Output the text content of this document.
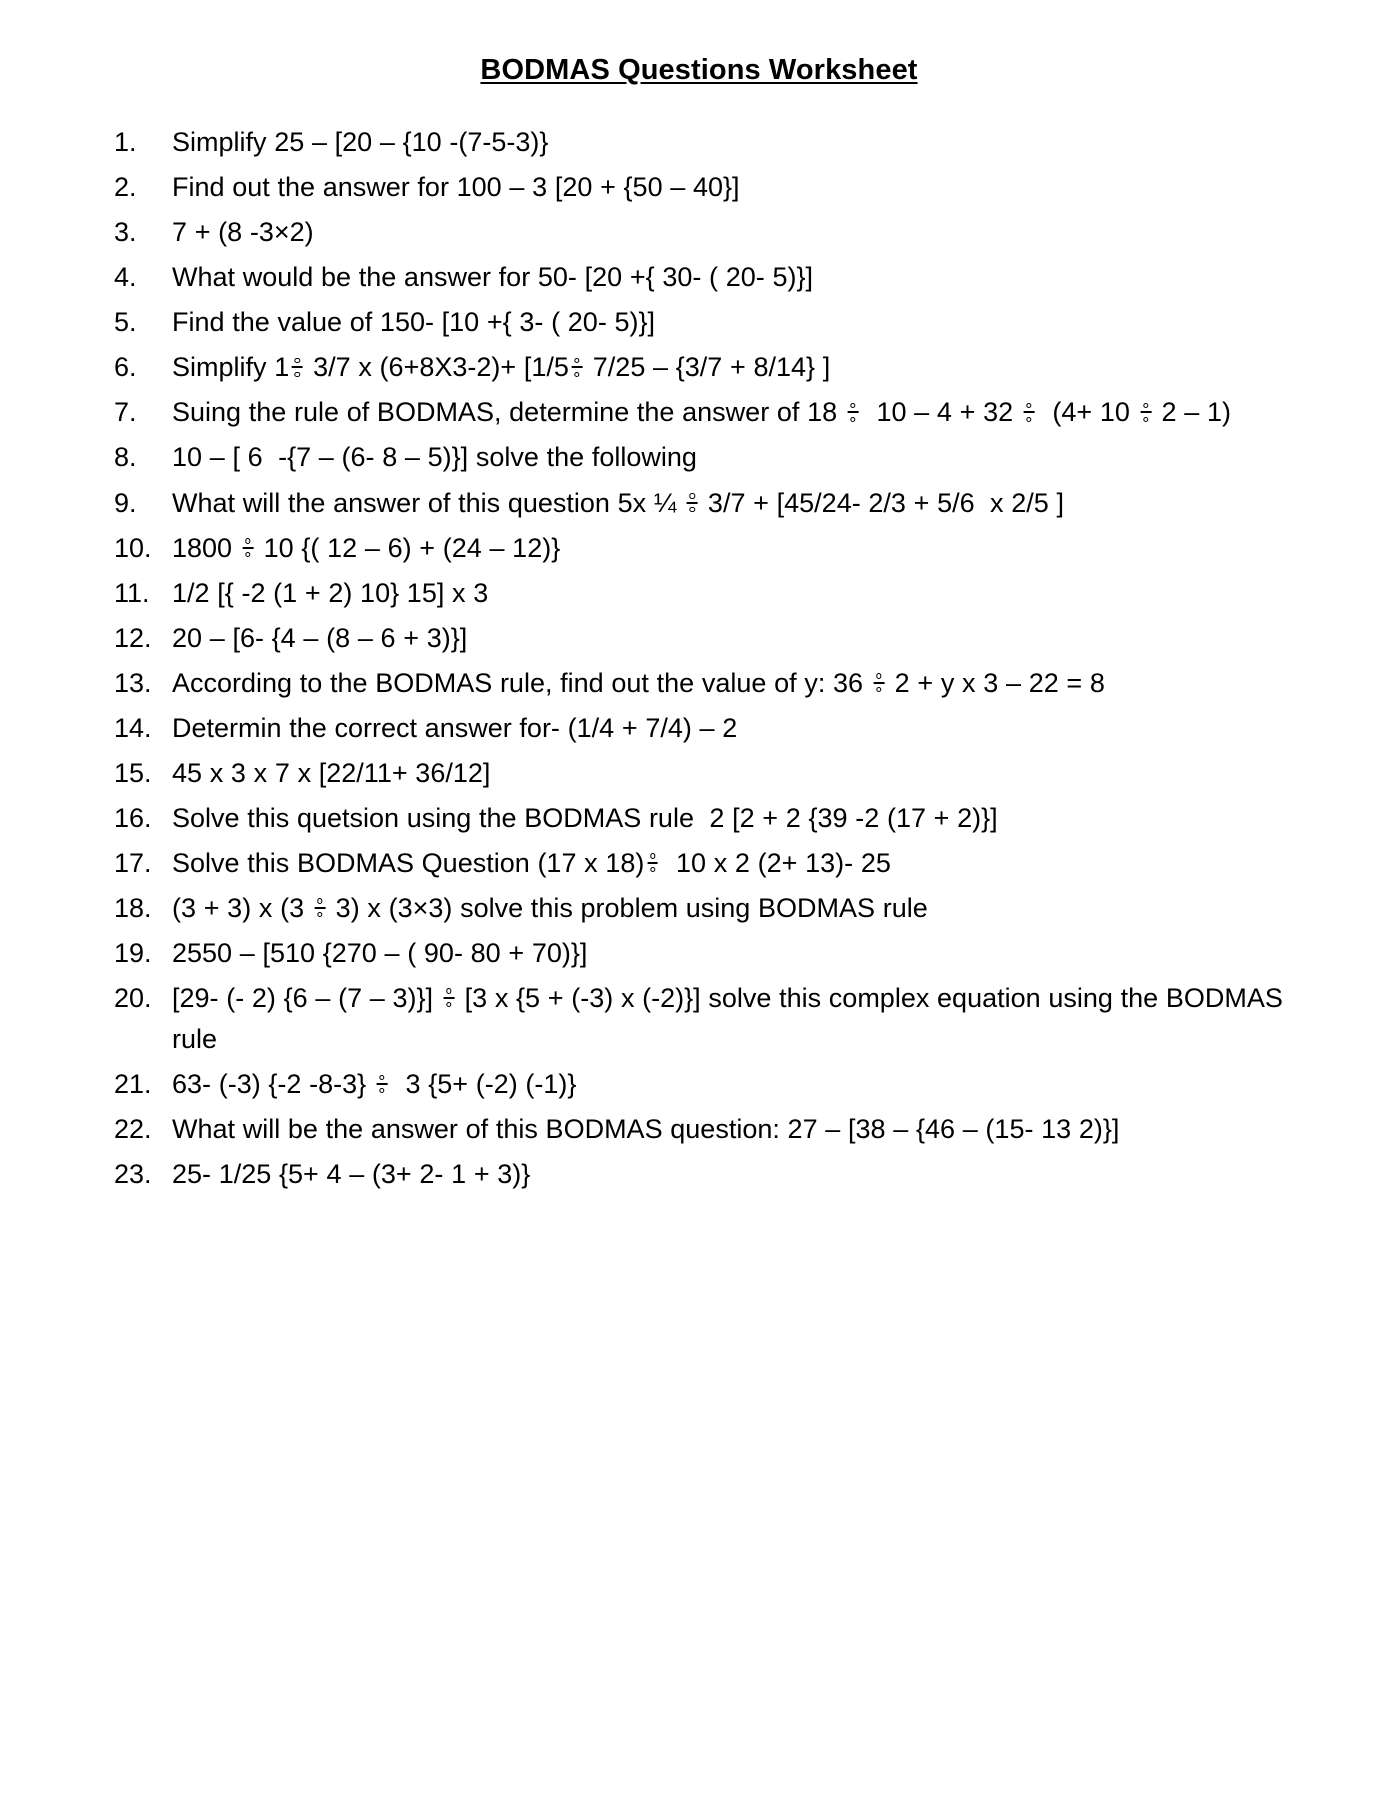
BODMAS Questions Worksheet
1.	Simplify 25 – [20 – {10 -(7-5-3)}
2.	Find out the answer for 100 – 3 [20 + {50 – 40}]
3.	7 + (8 -3×2)
4.	What would be the answer for 50- [20 +{ 30- ( 20- 5)}]
5.	Find the value of 150- [10 +{ 3- ( 20- 5)}]
6.	Simplify 1
3/7 x (6+8X3-2)+ [1/5
7/25 – {3/7 + 8/14} ]
7.	Suing the rule of BODMAS, determine the answer of 18
10 – 4 + 32
(4+ 10
2 – 1)
8.	10 – [ 6  -{7 – (6- 8 – 5)}] solve the following
9.	What will the answer of this question 5x ¼
3/7 + [45/24- 2/3 + 5/6  x 2/5 ]
10. 1800
10 {( 12 – 6) + (24 – 12)}
11. 1/2 [{ -2 (1 + 2) 10} 15] x 3
12. 20 – [6- {4 – (8 – 6 + 3)}]
13. According to the BODMAS rule, find out the value of y: 36
2 + y x 3 – 22 = 8
14. Determin the correct answer for- (1/4 + 7/4) – 2
15. 45 x 3 x 7 x [22/11+ 36/12]
16. Solve this quetsion using the BODMAS rule  2 [2 + 2 {39 -2 (17 + 2)}]
17. Solve this BODMAS Question (17 x 18)
10 x 2 (2+ 13)- 25
18. (3 + 3) x (3
3) x (3×3) solve this problem using BODMAS rule
19. 2550 – [510 {270 – ( 90- 80 + 70)}]
20. [29- (- 2) {6 – (7 – 3)}]
[3 x {5 + (-3) x (-2)}] solve this complex equation using the BODMAS rule
21. 63- (-3) {-2 -8-3}
3 {5+ (-2) (-1)}
22. What will be the answer of this BODMAS question: 27 – [38 – {46 – (15- 13 2)}]
23. 25- 1/25 {5+ 4 – (3+ 2- 1 + 3)}
